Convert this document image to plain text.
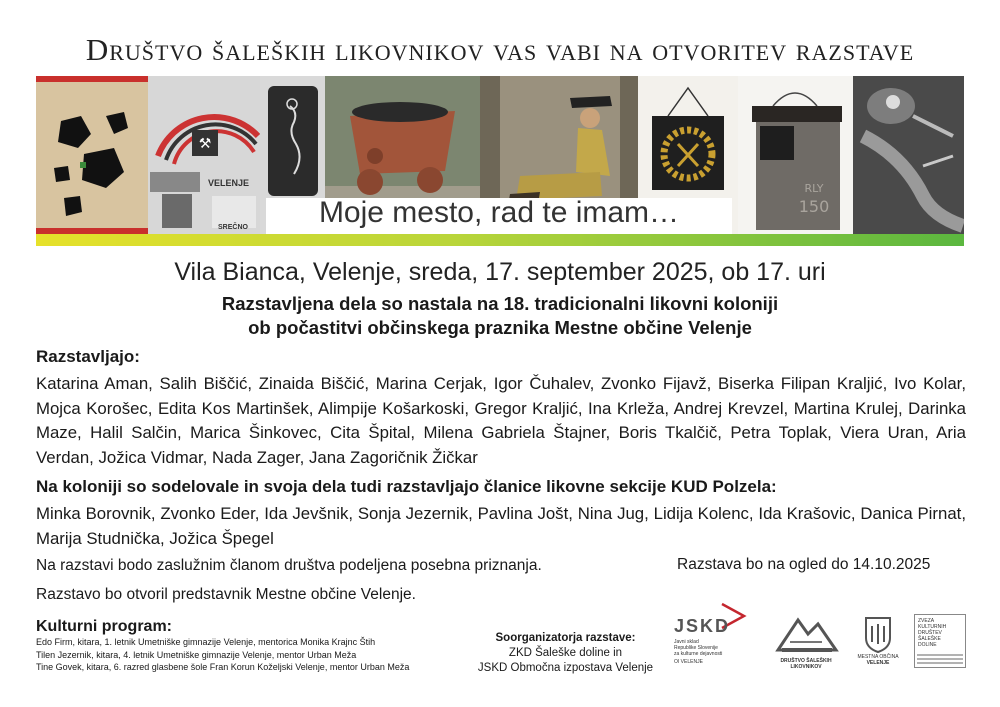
Društvo šaleških likovnikov vas vabi na otvoritev razstave
⚒
VELENJE
SREČNO
RLY
150
Moje mesto, rad te imam…
Vila Bianca, Velenje, sreda, 17. september 2025, ob 17. uri
Razstavljena dela so nastala na 18. tradicionalni likovni koloniji
ob počastitvi občinskega praznika Mestne občine Velenje
Razstavljajo:
Katarina Aman, Salih Biščić, Zinaida Biščić, Marina Cerjak, Igor Čuhalev, Zvonko Fijavž, Biserka Filipan Kraljić, Ivo Kolar, Mojca Korošec, Edita Kos Martinšek, Alimpije Košarkoski, Gregor Kraljić, Ina Krleža, Andrej Krevzel, Martina Krulej, Darinka Maze, Halil Salčin, Marica Šinkovec, Cita Špital, Milena Gabriela Štajner, Boris Tkalčič, Petra Toplak, Viera Uran, Aria Verdan, Jožica Vidmar, Nada Zager, Jana Zagoričnik Žičkar
Na koloniji so sodelovale in svoja dela tudi razstavljajo članice likovne sekcije KUD Polzela:
Minka Borovnik, Zvonko Eder, Ida Jevšnik, Sonja Jezernik, Pavlina Jošt, Nina Jug, Lidija Kolenc, Ida Krašovic, Danica Pirnat, Marija Studnička, Jožica Špegel
Na razstavi bodo zaslužnim članom društva podeljena posebna priznanja.	Razstava bo na ogled do 14.10.2025
Razstavo bo otvoril predstavnik Mestne občine Velenje.
Kulturni program:
Edo Firm, kitara, 1. letnik Umetniške gimnazije Velenje, mentorica Monika Krajnc Štih
Tilen Jezernik, kitara, 4. letnik Umetniške gimnazije Velenje, mentor Urban Meža
Tine Govek, kitara, 6. razred glasbene šole Fran Korun Koželjski Velenje, mentor Urban Meža
Soorganizatorja razstave:
ZKD Šaleške doline in
JSKD Območna izpostava Velenje
JSKD
Javni sklad
Republike Slovenije
za kulturne dejavnosti
OI VELENJE	DRUŠTVO ŠALEŠKIH LIKOVNIKOV
MESTNA OBČINA
VELENJE
ZVEZA
KULTURNIH
DRUŠTEV
ŠALEŠKE
DOLINE
